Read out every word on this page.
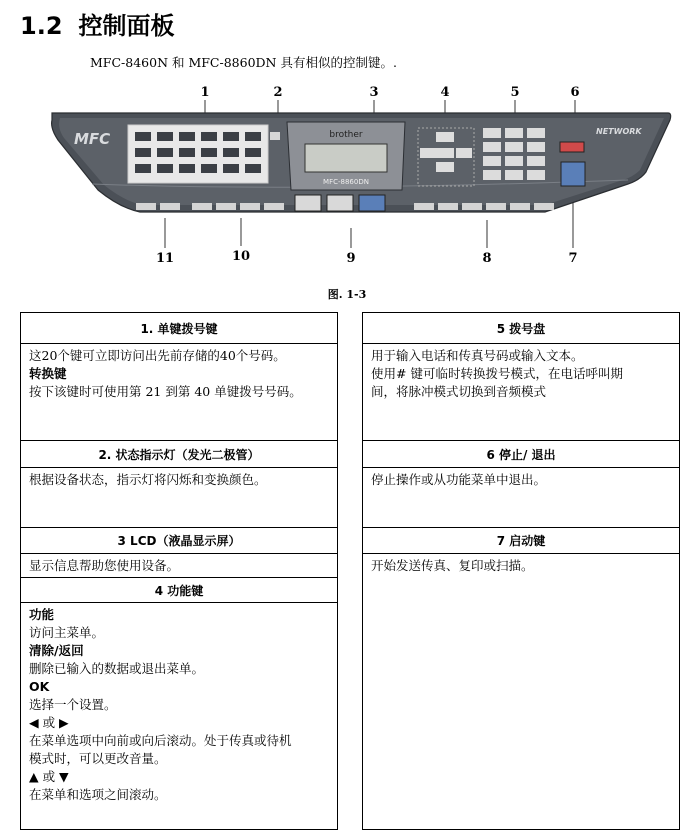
1.2 控制面板
MFC-8460N 和 MFC-8860DN 具有相似的控制键。.
1	2	3	4	5	6
7
8
9
10
11
MFC	brother
MFC-8860DN
NETWORK
图. 1-3
1. 单键拨号键
这20个键可立即访问出先前存储的40个号码。
转换键
按下该键时可使用第 21 到第 40 单键拨号号码。
2. 状态指示灯（发光二极管）
根据设备状态，指示灯将闪烁和变换颜色。
3 LCD（液晶显示屏）
显示信息帮助您使用设备。
4 功能键
功能
访问主菜单。
清除/返回
删除已输入的数据或退出菜单。
OK
选择一个设置。
◀ 或 ▶
在菜单选项中向前或向后滚动。处于传真或待机
模式时，可以更改音量。
▲ 或 ▼
在菜单和选项之间滚动。
5 拨号盘
用于输入电话和传真号码或输入文本。
使用# 键可临时转换拨号模式，在电话呼叫期
间，将脉冲模式切换到音频模式
6 停止/ 退出
停止操作或从功能菜单中退出。
7 启动键
开始发送传真、复印或扫描。
